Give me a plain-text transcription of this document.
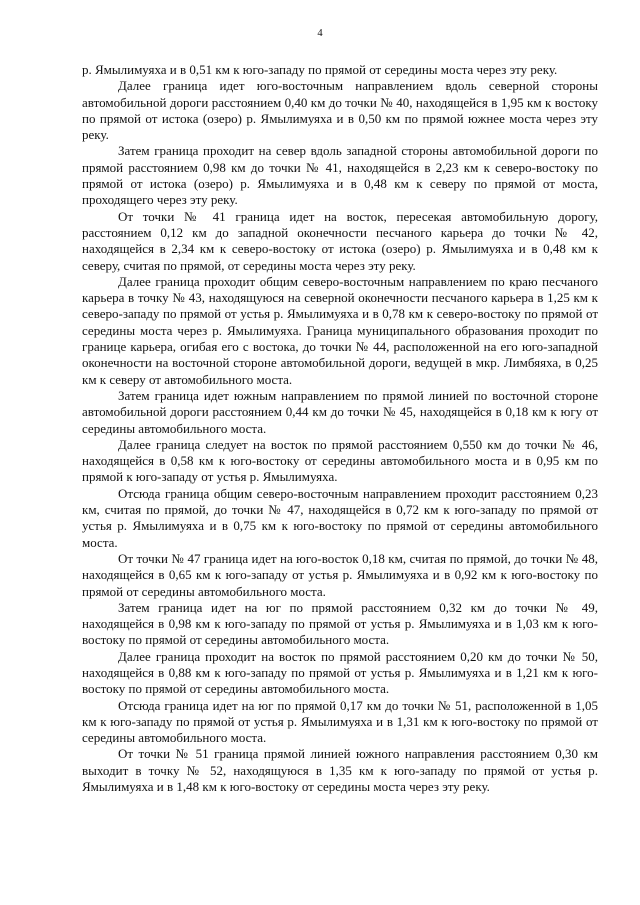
4

р. Ямылимуяха и в 0,51 км к юго-западу по прямой от середины моста через эту реку.

Далее граница идет юго-восточным направлением вдоль северной стороны автомобильной дороги расстоянием 0,40 км до точки № 40, находящейся в 1,95 км к востоку по прямой от истока (озеро) р. Ямылимуяха и в 0,50 км по прямой южнее моста через эту реку.

Затем граница проходит на север вдоль западной стороны автомобильной дороги по прямой расстоянием 0,98 км до точки № 41, находящейся в 2,23 км к северо-востоку по прямой от истока (озеро) р. Ямылимуяха и в 0,48 км к северу по прямой от моста, проходящего через эту реку.

От точки № 41 граница идет на восток, пересекая автомобильную дорогу, расстоянием 0,12 км до западной оконечности песчаного карьера до точки № 42, находящейся в 2,34 км к северо-востоку от истока (озеро) р. Ямылимуяха и в 0,48 км к северу, считая по прямой, от середины моста через эту реку.

Далее граница проходит общим северо-восточным направлением по краю песчаного карьера в точку № 43, находящуюся на северной оконечности песчаного карьера в 1,25 км к северо-западу по прямой от устья р. Ямылимуяха и в 0,78 км к северо-востоку по прямой от середины моста через р. Ямылимуяха. Граница муниципального образования проходит по границе карьера, огибая его с востока, до точки № 44, расположенной на его юго-западной оконечности на восточной стороне автомобильной дороги, ведущей в мкр. Лимбяяха, в 0,25 км к северу от автомобильного моста.

Затем граница идет южным направлением по прямой линией по восточной стороне автомобильной дороги расстоянием 0,44 км до точки № 45, находящейся в 0,18 км к югу от середины автомобильного моста.

Далее граница следует на восток по прямой расстоянием 0,550 км до точки № 46, находящейся в 0,58 км к юго-востоку от середины автомобильного моста и в 0,95 км по прямой к юго-западу от устья р. Ямылимуяха.

Отсюда граница общим северо-восточным направлением проходит расстоянием 0,23 км, считая по прямой, до точки № 47, находящейся в 0,72 км к юго-западу по прямой от устья р. Ямылимуяха и в 0,75 км к юго-востоку по прямой от середины автомобильного моста.

От точки № 47 граница идет на юго-восток 0,18 км, считая по прямой, до точки № 48, находящейся в 0,65 км к юго-западу от устья р. Ямылимуяха и в 0,92 км к юго-востоку по прямой от середины автомобильного моста.

Затем граница идет на юг по прямой расстоянием 0,32 км до точки № 49, находящейся в 0,98 км к юго-западу по прямой от устья р. Ямылимуяха и в 1,03 км к юго-востоку по прямой от середины автомобильного моста.

Далее граница проходит на восток по прямой расстоянием 0,20 км до точки № 50, находящейся в 0,88 км к юго-западу по прямой от устья р. Ямылимуяха и в 1,21 км к юго-востоку по прямой от середины автомобильного моста.

Отсюда граница идет на юг по прямой 0,17 км до точки № 51, расположенной в 1,05 км к юго-западу по прямой от устья р. Ямылимуяха и в 1,31 км к юго-востоку по прямой от середины автомобильного моста.

От точки № 51 граница прямой линией южного направления расстоянием 0,30 км выходит в точку № 52, находящуюся в 1,35 км к юго-западу по прямой от устья р. Ямылимуяха и в 1,48 км к юго-востоку от середины моста через эту реку.
